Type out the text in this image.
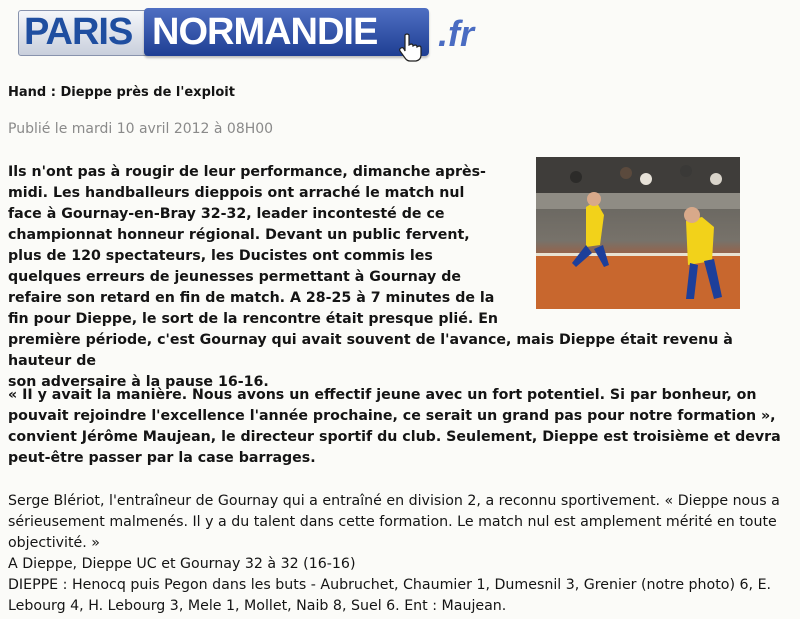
PARIS NORMANDIE .fr
Hand : Dieppe près de l'exploit
Publié le mardi 10 avril 2012 à 08H00

Ils n'ont pas à rougir de leur performance, dimanche après-

midi. Les handballeurs dieppois ont arraché le match nul

face à Gournay-en-Bray 32-32, leader incontesté de ce

championnat honneur régional. Devant un public fervent,

plus de 120 spectateurs, les Ducistes ont commis les

quelques erreurs de jeunesses permettant à Gournay de

refaire son retard en fin de match. A 28-25 à 7 minutes de la

fin pour Dieppe, le sort de la rencontre était presque plié. En

première période, c'est Gournay qui avait souvent de l'avance, mais Dieppe était revenu à hauteur de

son adversaire à la pause 16-16.

« II y avait la manière. Nous avons un effectif jeune avec un fort potentiel. Si par bonheur, on pouvait rejoindre l'excellence l'année prochaine, ce serait un grand pas pour notre formation », convient Jérôme Maujean, le directeur sportif du club. Seulement, Dieppe est troisième et devra peut-être passer par la case barrages.

Serge Blériot, l'entraîneur de Gournay qui a entraîné en division 2, a reconnu sportivement. « Dieppe nous a sérieusement malmenés. Il y a du talent dans cette formation. Le match nul est amplement mérité en toute objectivité. »

A Dieppe, Dieppe UC et Gournay 32 à 32 (16-16)

DIEPPE : Henocq puis Pegon dans les buts - Aubruchet, Chaumier 1, Dumesnil 3, Grenier (notre photo) 6, E. Lebourg 4, H. Lebourg 3, Mele 1, Mollet, Naib 8, Suel 6. Ent : Maujean.
